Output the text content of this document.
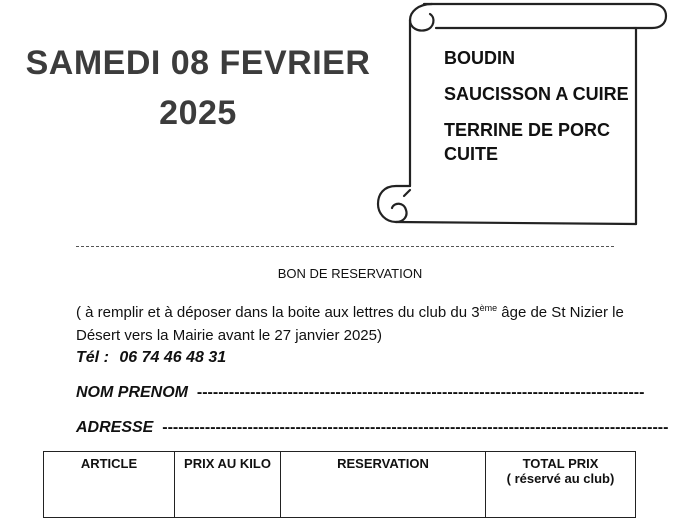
SAMEDI 08 FEVRIER
2025
BOUDIN
SAUCISSON A CUIRE
TERRINE DE PORC CUITE
BON DE RESERVATION
( à remplir et à déposer dans la boite aux lettres du club du 3ème âge de St Nizier le Désert vers la Mairie avant le 27 janvier 2025)
Tél : 06 74 46 48 31
NOM PRENOM  ------------------------------------------------------------------------------------
ADRESSE  -----------------------------------------------------------------------------------------------
ARTICLE	PRIX AU KILO	RESERVATION	TOTAL PRIX
( réservé au club)
